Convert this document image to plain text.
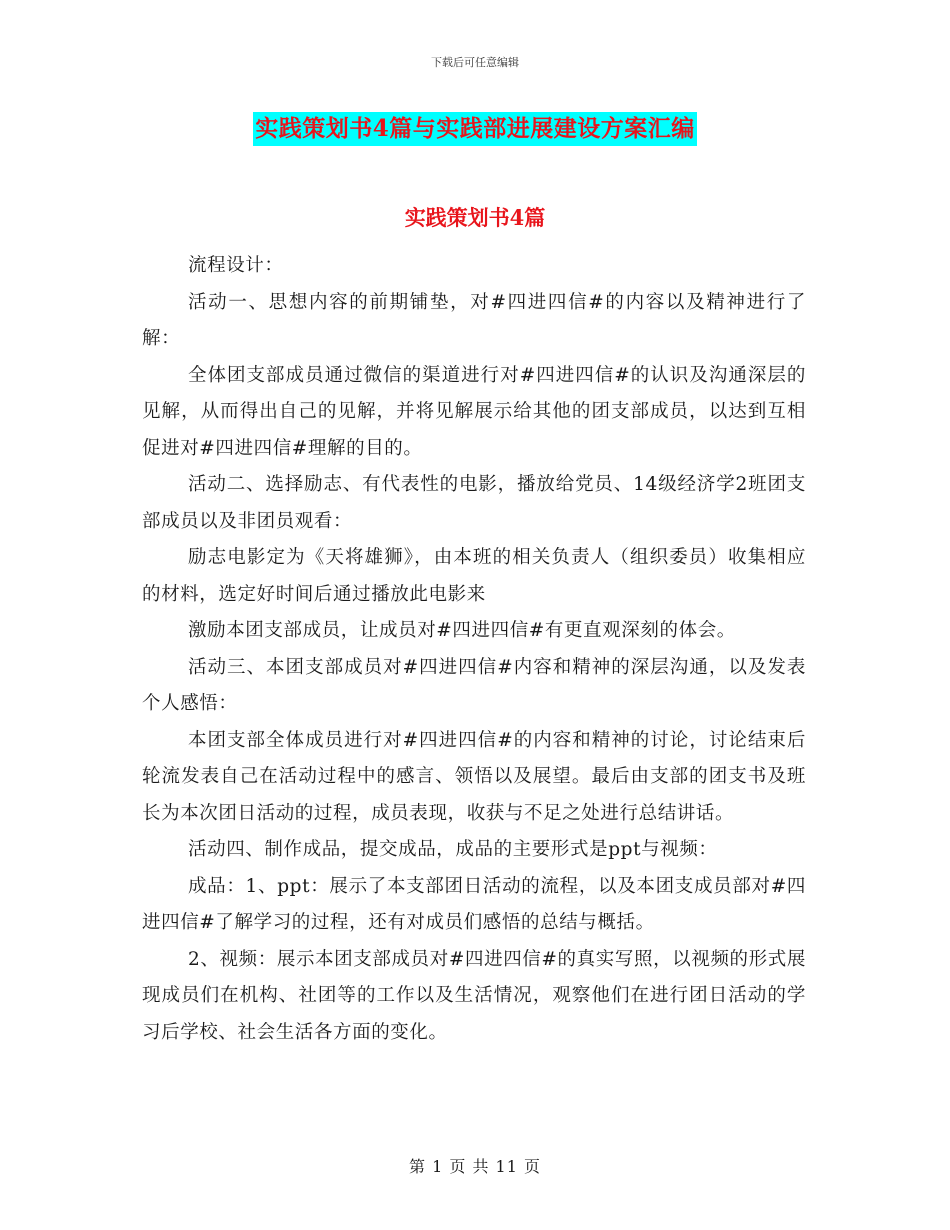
下载后可任意编辑
实践策划书4篇与实践部进展建设方案汇编
实践策划书4篇

流程设计：

活动一、思想内容的前期铺垫，对#四进四信#的内容以及精神进行了解：

全体团支部成员通过微信的渠道进行对#四进四信#的认识及沟通深层的见解，从而得出自己的见解，并将见解展示给其他的团支部成员，以达到互相促进对#四进四信#理解的目的。

活动二、选择励志、有代表性的电影，播放给党员、14级经济学2班团支部成员以及非团员观看：

励志电影定为《天将雄狮》，由本班的相关负责人（组织委员）收集相应的材料，选定好时间后通过播放此电影来

激励本团支部成员，让成员对#四进四信#有更直观深刻的体会。

活动三、本团支部成员对#四进四信#内容和精神的深层沟通，以及发表个人感悟：

本团支部全体成员进行对#四进四信#的内容和精神的讨论，讨论结束后轮流发表自己在活动过程中的感言、领悟以及展望。最后由支部的团支书及班长为本次团日活动的过程，成员表现，收获与不足之处进行总结讲话。

活动四、制作成品，提交成品，成品的主要形式是ppt与视频：

成品：1、ppt：展示了本支部团日活动的流程，以及本团支成员部对#四进四信#了解学习的过程，还有对成员们感悟的总结与概括。

2、视频：展示本团支部成员对#四进四信#的真实写照，以视频的形式展现成员们在机构、社团等的工作以及生活情况，观察他们在进行团日活动的学习后学校、社会生活各方面的变化。

第 1 页 共 11 页
